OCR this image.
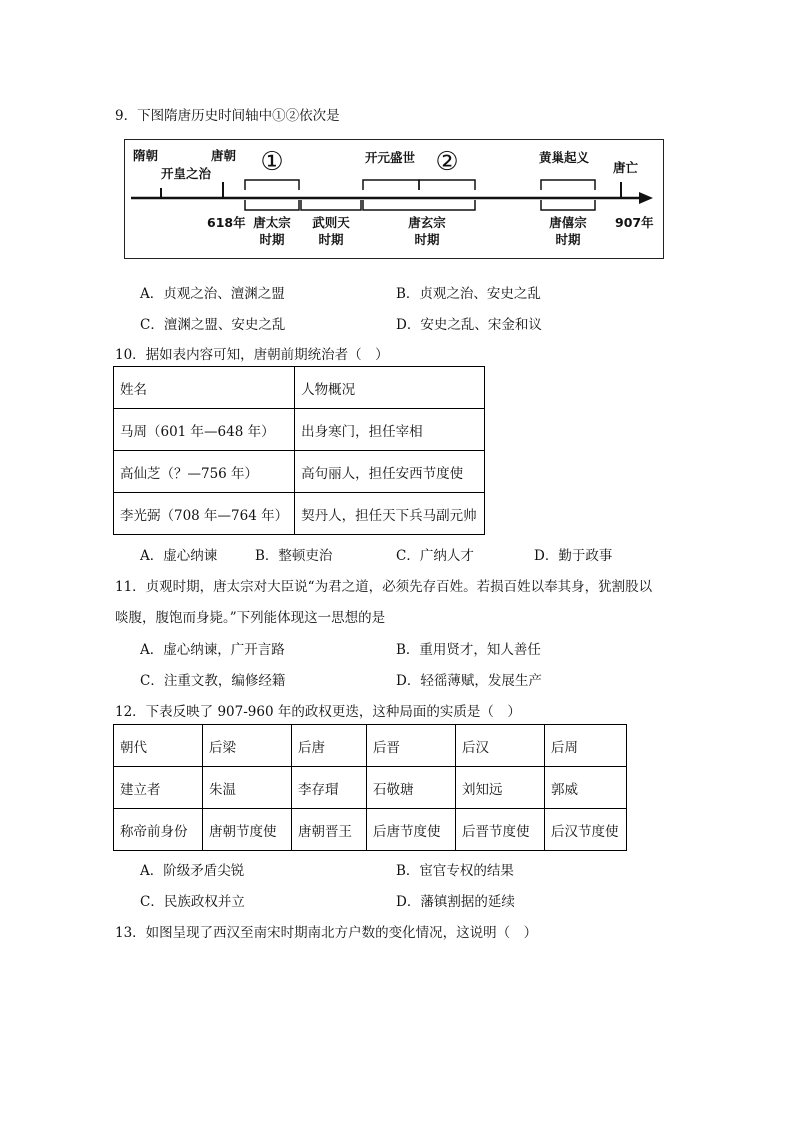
9．下图隋唐历史时间轴中①②依次是
隋朝
开皇之治
唐朝 ①	开元盛世 ②	黄巢起义
唐亡
618年 唐太宗
时期
武则天
时期
唐玄宗
时期
唐僖宗
时期
907年
A．贞观之治、澶渊之盟	B．贞观之治、安史之乱
C．澶渊之盟、安史之乱	D．安史之乱、宋金和议
10．据如表内容可知，唐朝前期统治者（　）
姓名	人物概况
马周（601 年—648 年）	出身寒门，担任宰相
高仙芝（？—756 年）	高句丽人，担任安西节度使
李光弼（708 年—764 年）	契丹人，担任天下兵马副元帅
A．虚心纳谏	B．整顿吏治	C．广纳人才	D．勤于政事
11．贞观时期，唐太宗对大臣说“为君之道，必须先存百姓。若损百姓以奉其身，犹割股以
啖腹，腹饱而身毙。”下列能体现这一思想的是
A．虚心纳谏，广开言路	B．重用贤才，知人善任
C．注重文教，编修经籍	D．轻徭薄赋，发展生产
12．下表反映了 907-960 年的政权更迭，这种局面的实质是（　）
朝代	后梁	后唐	后晋	后汉	后周
建立者	朱温	李存瑁	石敬瑭	刘知远	郭威
称帝前身份	唐朝节度使	唐朝晋王	后唐节度使	后晋节度使	后汉节度使
A．阶级矛盾尖锐	B．宦官专权的结果
C．民族政权并立	D．藩镇割据的延续
13．如图呈现了西汉至南宋时期南北方户数的变化情况，这说明（　）
